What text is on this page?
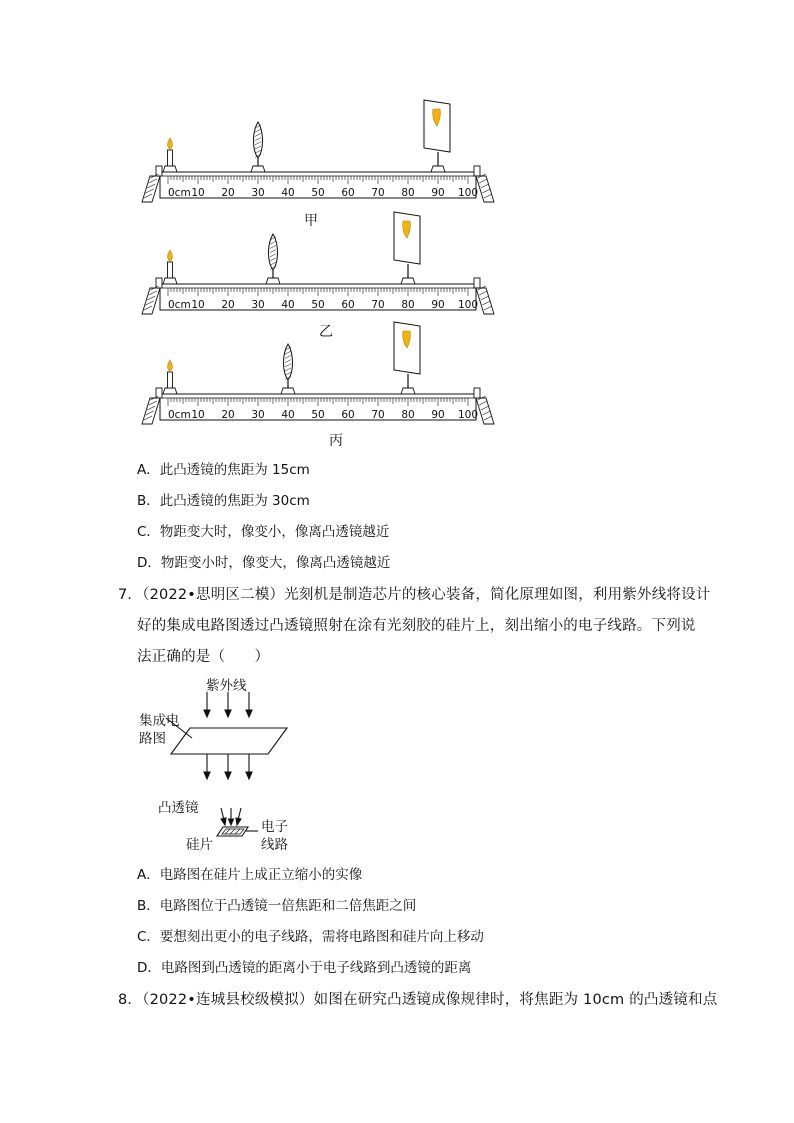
0cm 10 20 30 40 50 60 70 80 90 100
甲
0cm 10 20 30 40 50 60 70 80 90 100
乙
0cm 10 20 30 40 50 60 70 80 90 100
丙
A．此凸透镜的焦距为 15cm
B．此凸透镜的焦距为 30cm
C．物距变大时，像变小，像离凸透镜越近
D．物距变小时，像变大，像离凸透镜越近
7．（2022•思明区二模）光刻机是制造芯片的核心装备，简化原理如图，利用紫外线将设计
好的集成电路图透过凸透镜照射在涂有光刻胶的硅片上，刻出缩小的电子线路。下列说
法正确的是（　　）
紫外线
集成电
路图
凸透镜
电子
线路
硅片
A．电路图在硅片上成正立缩小的实像
B．电路图位于凸透镜一倍焦距和二倍焦距之间
C．要想刻出更小的电子线路，需将电路图和硅片向上移动
D．电路图到凸透镜的距离小于电子线路到凸透镜的距离
8．（2022•连城县校级模拟）如图在研究凸透镜成像规律时，将焦距为 10cm 的凸透镜和点
